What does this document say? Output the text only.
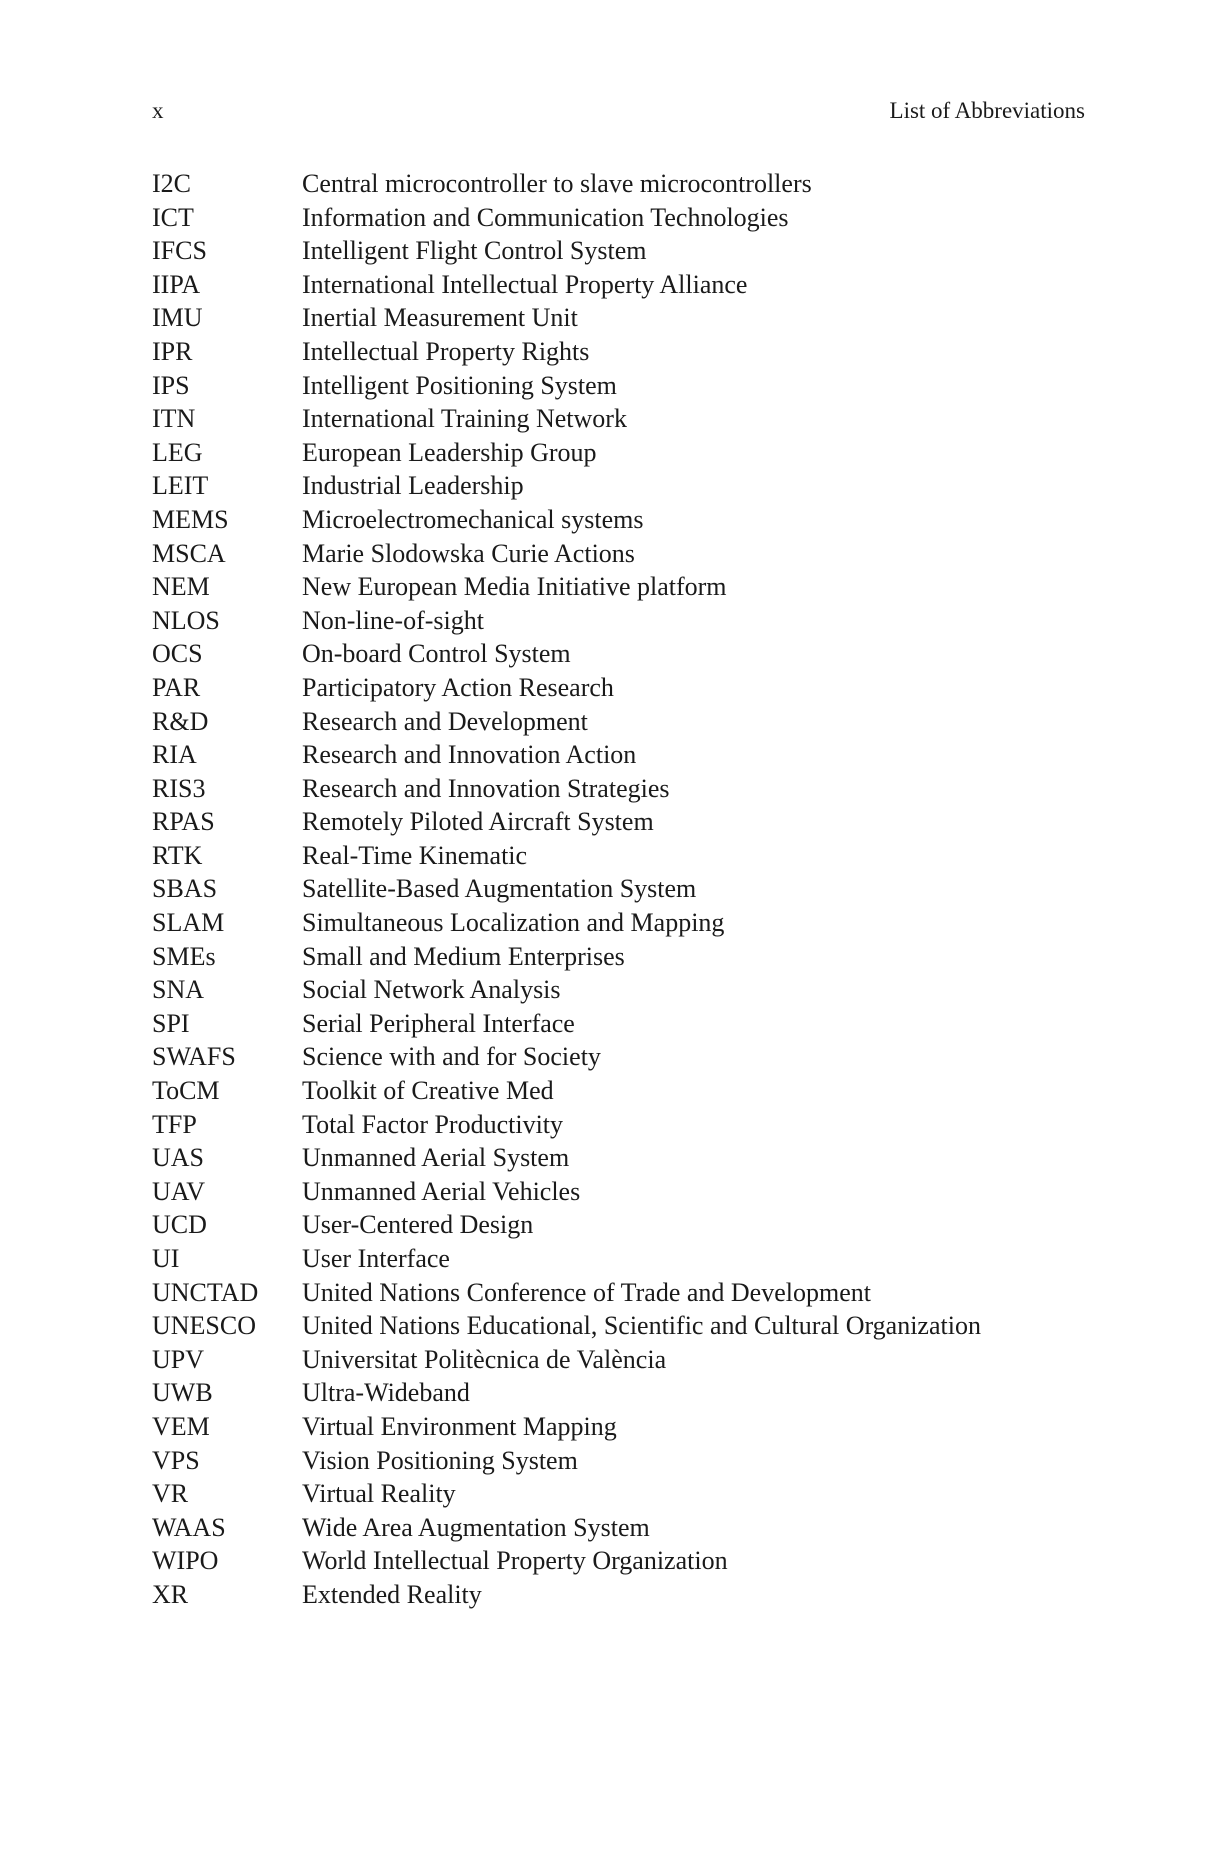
x	List of Abbreviations
I2C	Central microcontroller to slave microcontrollers
ICT	Information and Communication Technologies
IFCS	Intelligent Flight Control System
IIPA	International Intellectual Property Alliance
IMU	Inertial Measurement Unit
IPR	Intellectual Property Rights
IPS	Intelligent Positioning System
ITN	International Training Network
LEG	European Leadership Group
LEIT	Industrial Leadership
MEMS	Microelectromechanical systems
MSCA	Marie Slodowska Curie Actions
NEM	New European Media Initiative platform
NLOS	Non-line-of-sight
OCS	On-board Control System
PAR	Participatory Action Research
R&D	Research and Development
RIA	Research and Innovation Action
RIS3	Research and Innovation Strategies
RPAS	Remotely Piloted Aircraft System
RTK	Real-Time Kinematic
SBAS	Satellite-Based Augmentation System
SLAM	Simultaneous Localization and Mapping
SMEs	Small and Medium Enterprises
SNA	Social Network Analysis
SPI	Serial Peripheral Interface
SWAFS	Science with and for Society
ToCM	Toolkit of Creative Med
TFP	Total Factor Productivity
UAS	Unmanned Aerial System
UAV	Unmanned Aerial Vehicles
UCD	User-Centered Design
UI	User Interface
UNCTAD	United Nations Conference of Trade and Development
UNESCO	United Nations Educational, Scientific and Cultural Organization
UPV	Universitat Politècnica de València
UWB	Ultra-Wideband
VEM	Virtual Environment Mapping
VPS	Vision Positioning System
VR	Virtual Reality
WAAS	Wide Area Augmentation System
WIPO	World Intellectual Property Organization
XR	Extended Reality
